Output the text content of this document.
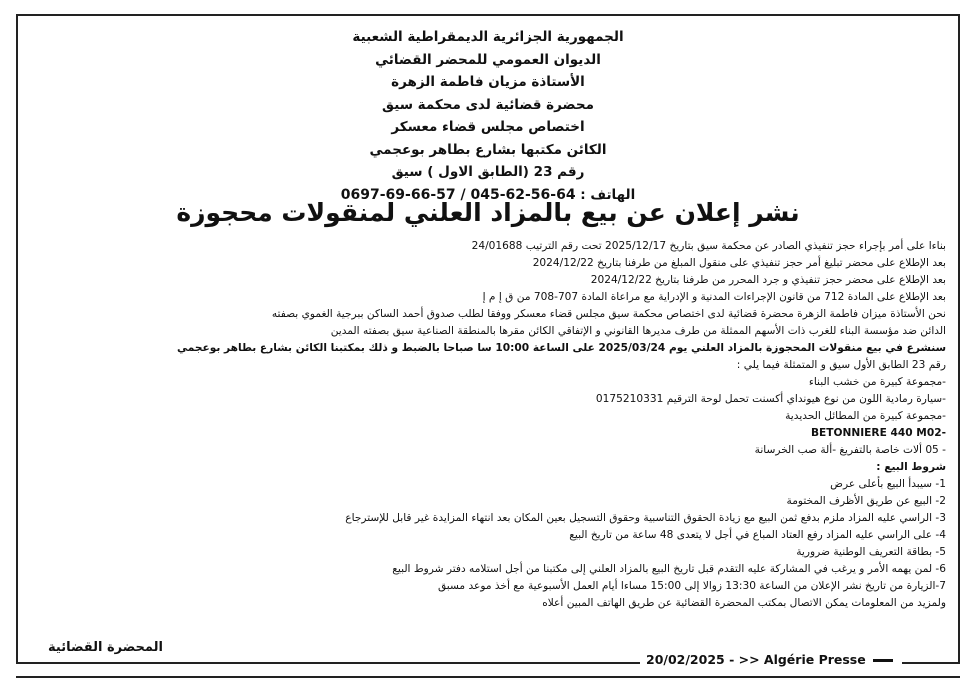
الجمهورية الجزائرية الديمقراطية الشعبية
الديوان العمومي للمحضر القضائي
الأستاذة مزيان فاطمة الزهرة
محضرة قضائية لدى محكمة سيق
اختصاص مجلس قضاء معسكر
الكائن مكتبها بشارع بطاهر بوعجمي
رقم 23 (الطابق الاول ) سيق
الهاتف : 0697-69-66-57 / 045-62-56-64
نشر إعلان عن بيع بالمزاد العلني لمنقولات محجوزة
بناءا على أمر بإجراء حجز تنفيذي الصادر عن محكمة سيق بتاريخ 2025/12/17 تحت رقم الترتيب 24/01688
بعد الإطلاع على محضر تبليغ أمر حجز تنفيذي على منقول المبلغ من طرفنا بتاريخ 2024/12/22
بعد الإطلاع على محضر حجز تنفيذي و جرد المحرر من طرفنا بتاريخ 2024/12/22
بعد الإطلاع على المادة 712 من قانون الإجراءات المدنية و الإدراية مع مراعاة المادة 707-708 من ق إ م إ
نحن الأستاذة ميزان فاطمة الزهرة محضرة قضائية لدى اختصاص محكمة سيق مجلس قضاء معسكر ووفقا لطلب صدوق أحمد الساكن ببرجية الغموي بصفته
الدائن ضد مؤسسة البناء للغرب ذات الأسهم الممثلة من طرف مديرها القانوني و الإتفاقي الكائن مقرها بالمنطقة الصناعية سيق بصفته المدين
سنشرع في بيع منقولات المحجوزة بالمزاد العلني يوم 2025/03/24 على الساعة 10:00 سا صباحا بالضبط و ذلك بمكتبنا الكائن بشارع بطاهر بوعجمي
رقم 23 الطابق الأول سيق و المتمثلة فيما يلي :
-مجموعة كبيرة من خشب البناء
-سيارة رمادية اللون من نوع هيونداي أكسنت تحمل لوحة الترقيم 0175210331
-مجموعة كبيرة من المطائل الحديدية
-BETONNIERE 440 M02
- 05 ألات خاصة بالتفريغ -ألة صب الخرسانة
شروط البيع :
1- سيبدأ البيع بأعلى عرض
2- البيع عن طريق الأظرف المختومة
3- الراسي عليه المزاد ملزم بدفع ثمن البيع مع زيادة الحقوق التناسبية وحقوق التسجيل بعين المكان بعد انتهاء المزايدة غير قابل للإسترجاع
4- على الراسي عليه المزاد رفع العتاد المباع في أجل لا يتعدى 48 ساعة من تاريخ البيع
5- بطاقة التعريف الوطنية ضرورية
6- لمن يهمه الأمر و يرغب في المشاركة عليه التقدم قبل تاريخ البيع بالمزاد العلني إلى مكتبنا من أجل استلامه دفتر شروط البيع
7-الزيارة من تاريخ نشر الإعلان من الساعة 13:30 زوالا إلى 15:00 مساءا أيام العمل الأسبوعية مع أخذ موعد مسبق
ولمزيد من المعلومات يمكن الاتصال بمكتب المحضرة القضائية عن طريق الهاتف المبين أعلاه
المحضرة القضائية
20/02/2025 - >> Algérie Presse
